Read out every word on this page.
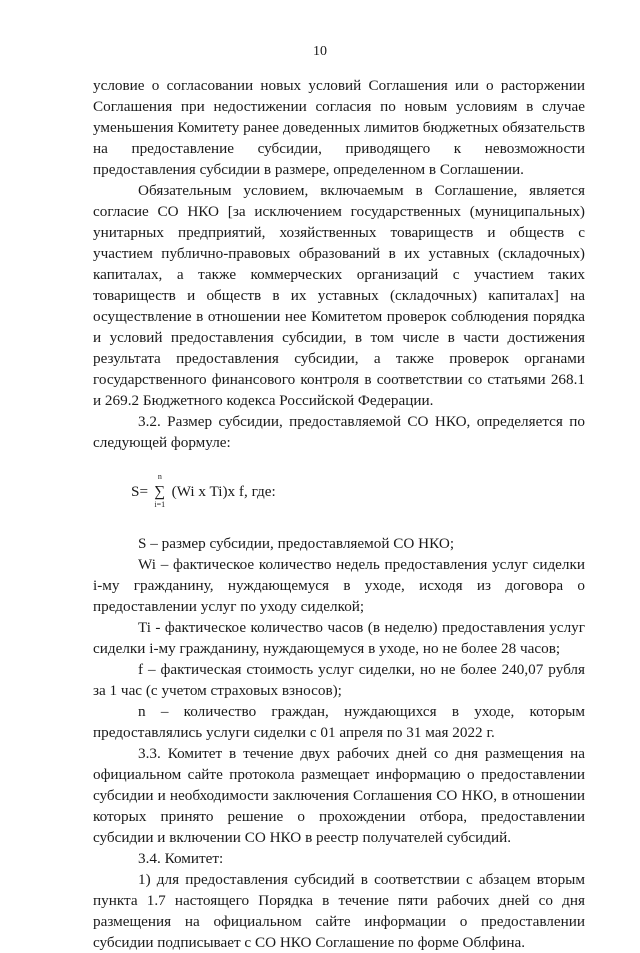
10

условие о согласовании новых условий Соглашения или о расторжении Соглашения при недостижении согласия по новым условиям в случае уменьшения Комитету ранее доведенных лимитов бюджетных обязательств на предоставление субсидии, приводящего к невозможности предоставления субсидии в размере, определенном в Соглашении.

Обязательным условием, включаемым в Соглашение, является согласие СО НКО [за исключением государственных (муниципальных) унитарных предприятий, хозяйственных товариществ и обществ с участием публично-правовых образований в их уставных (складочных) капиталах, а также коммерческих организаций с участием таких товариществ и обществ в их уставных (складочных) капиталах] на осуществление в отношении нее Комитетом проверок соблюдения порядка и условий предоставления субсидии, в том числе в части достижения результата предоставления субсидии, а также проверок органами государственного финансового контроля в соответствии со статьями 268.1 и 269.2 Бюджетного кодекса Российской Федерации.

3.2. Размер субсидии, предоставляемой СО НКО, определяется по следующей формуле:

S=
n
∑
i=1
(Wi x Ti)x f, где:

S – размер субсидии, предоставляемой СО НКО;

Wi – фактическое количество недель предоставления услуг сиделки i-му гражданину, нуждающемуся в уходе, исходя из договора о предоставлении услуг по уходу сиделкой;

Ti - фактическое количество часов (в неделю) предоставления услуг сиделки i-му гражданину, нуждающемуся в уходе, но не более 28 часов;

f – фактическая стоимость услуг сиделки, но не более 240,07 рубля за 1 час (с учетом страховых взносов);

n – количество граждан, нуждающихся в уходе, которым предоставлялись услуги сиделки с 01 апреля по 31 мая 2022 г.

3.3. Комитет в течение двух рабочих дней со дня размещения на официальном сайте протокола размещает информацию о предоставлении субсидии и необходимости заключения Соглашения СО НКО, в отношении которых принято решение о прохождении отбора, предоставлении субсидии и включении СО НКО в реестр получателей субсидий.

3.4. Комитет:

1) для предоставления субсидий в соответствии с абзацем вторым пункта 1.7 настоящего Порядка в течение пяти рабочих дней со дня размещения на официальном сайте информации о предоставлении субсидии подписывает с СО НКО Соглашение по форме Облфина.
